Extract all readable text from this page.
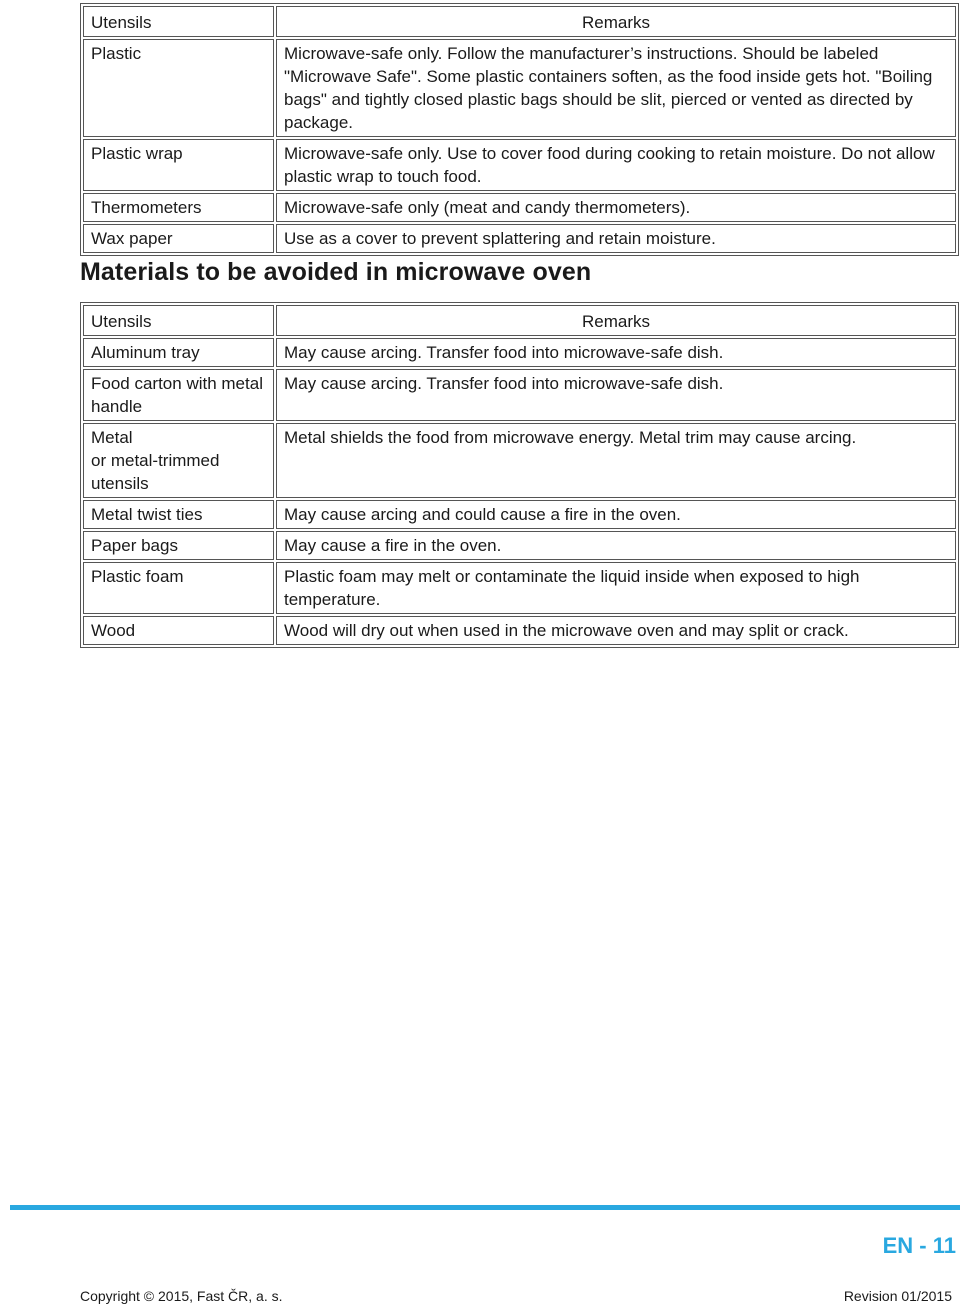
Utensils	Remarks
Plastic	Microwave-safe only. Follow the manufacturer’s instructions. Should be labeled "Microwave Safe". Some plastic containers soften, as the food inside gets hot. "Boiling bags" and tightly closed plastic bags should be slit, pierced or vented as directed by package.
Plastic wrap	Microwave-safe only. Use to cover food during cooking to retain moisture. Do not allow plastic wrap to touch food.
Thermometers	Microwave-safe only (meat and candy thermometers).
Wax paper	Use as a cover to prevent splattering and retain moisture.
Materials to be avoided in microwave oven
Utensils	Remarks
Aluminum tray	May cause arcing. Transfer food into microwave-safe dish.
Food carton with metal handle	May cause arcing. Transfer food into microwave-safe dish.
Metal
or metal-trimmed utensils	Metal shields the food from microwave energy. Metal trim may cause arcing.
Metal twist ties	May cause arcing and could cause a fire in the oven.
Paper bags	May cause a fire in the oven.
Plastic foam	Plastic foam may melt or contaminate the liquid inside when exposed to high temperature.
Wood	Wood will dry out when used in the microwave oven and may split or crack.
EN - 11
Copyright © 2015, Fast ČR, a. s.	Revision 01/2015
